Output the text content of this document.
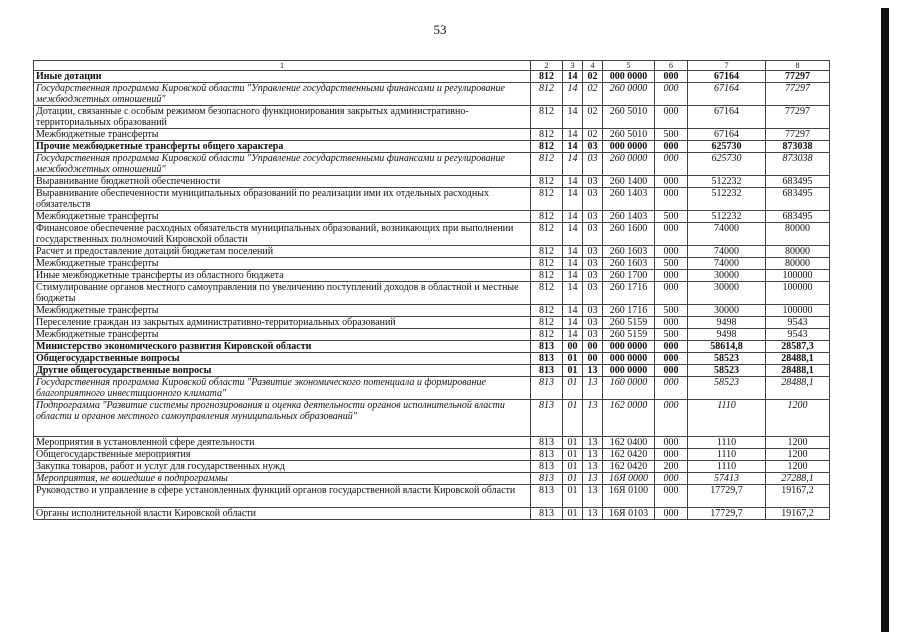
53
1	2	3	4	5	6	7	8
Иные дотации	812	14	02	000 0000	000	67164	77297
Государственная программа Кировской области "Управление государственными финансами и регулирование межбюджетных отношений"	812	14	02	260 0000	000	67164	77297
Дотации, связанные с особым режимом безопасного функционирования закрытых административно-территориальных образований	812	14	02	260 5010	000	67164	77297
Межбюджетные трансферты	812	14	02	260 5010	500	67164	77297
Прочие межбюджетные трансферты общего характера	812	14	03	000 0000	000	625730	873038
Государственная программа Кировской области "Управление государственными финансами и регулирование межбюджетных отношений"	812	14	03	260 0000	000	625730	873038
Выравнивание бюджетной обеспеченности	812	14	03	260 1400	000	512232	683495
Выравнивание обеспеченности муниципальных образований по реализации ими их отдельных расходных обязательств	812	14	03	260 1403	000	512232	683495
Межбюджетные трансферты	812	14	03	260 1403	500	512232	683495
Финансовое обеспечение расходных обязательств муниципальных образований, возникающих при выполнении государственных полномочий Кировской области	812	14	03	260 1600	000	74000	80000
Расчет и предоставление дотаций бюджетам поселений	812	14	03	260 1603	000	74000	80000
Межбюджетные трансферты	812	14	03	260 1603	500	74000	80000
Иные межбюджетные трансферты из областного бюджета	812	14	03	260 1700	000	30000	100000
Стимулирование органов местного самоуправления по увеличению поступлений доходов в областной и местные бюджеты	812	14	03	260 1716	000	30000	100000
Межбюджетные трансферты	812	14	03	260 1716	500	30000	100000
Переселение граждан из закрытых административно-территориальных образований	812	14	03	260 5159	000	9498	9543
Межбюджетные трансферты	812	14	03	260 5159	500	9498	9543
Министерство экономического развития Кировской области	813	00	00	000 0000	000	58614,8	28587,3
Общегосударственные вопросы	813	01	00	000 0000	000	58523	28488,1
Другие общегосударственные вопросы	813	01	13	000 0000	000	58523	28488,1
Государственная программа Кировской области "Развитие экономического потенциала и формирование благоприятного инвестиционного климата"	813	01	13	160 0000	000	58523	28488,1
Подпрограмма "Развитие системы прогнозирования и оценка деятельности органов исполнительной власти области и органов местного самоуправления муниципальных образований"	813	01	13	162 0000	000	1110	1200
Мероприятия в установленной сфере деятельности	813	01	13	162 0400	000	1110	1200
Общегосударственные мероприятия	813	01	13	162 0420	000	1110	1200
Закупка товаров, работ и услуг для государственных нужд	813	01	13	162 0420	200	1110	1200
Мероприятия, не вошедшие в подпрограммы	813	01	13	16Я 0000	000	57413	27288,1
Руководство и управление в сфере установленных функций органов государственной власти Кировской области	813	01	13	16Я 0100	000	17729,7	19167,2
Органы исполнительной власти Кировской области	813	01	13	16Я 0103	000	17729,7	19167,2
